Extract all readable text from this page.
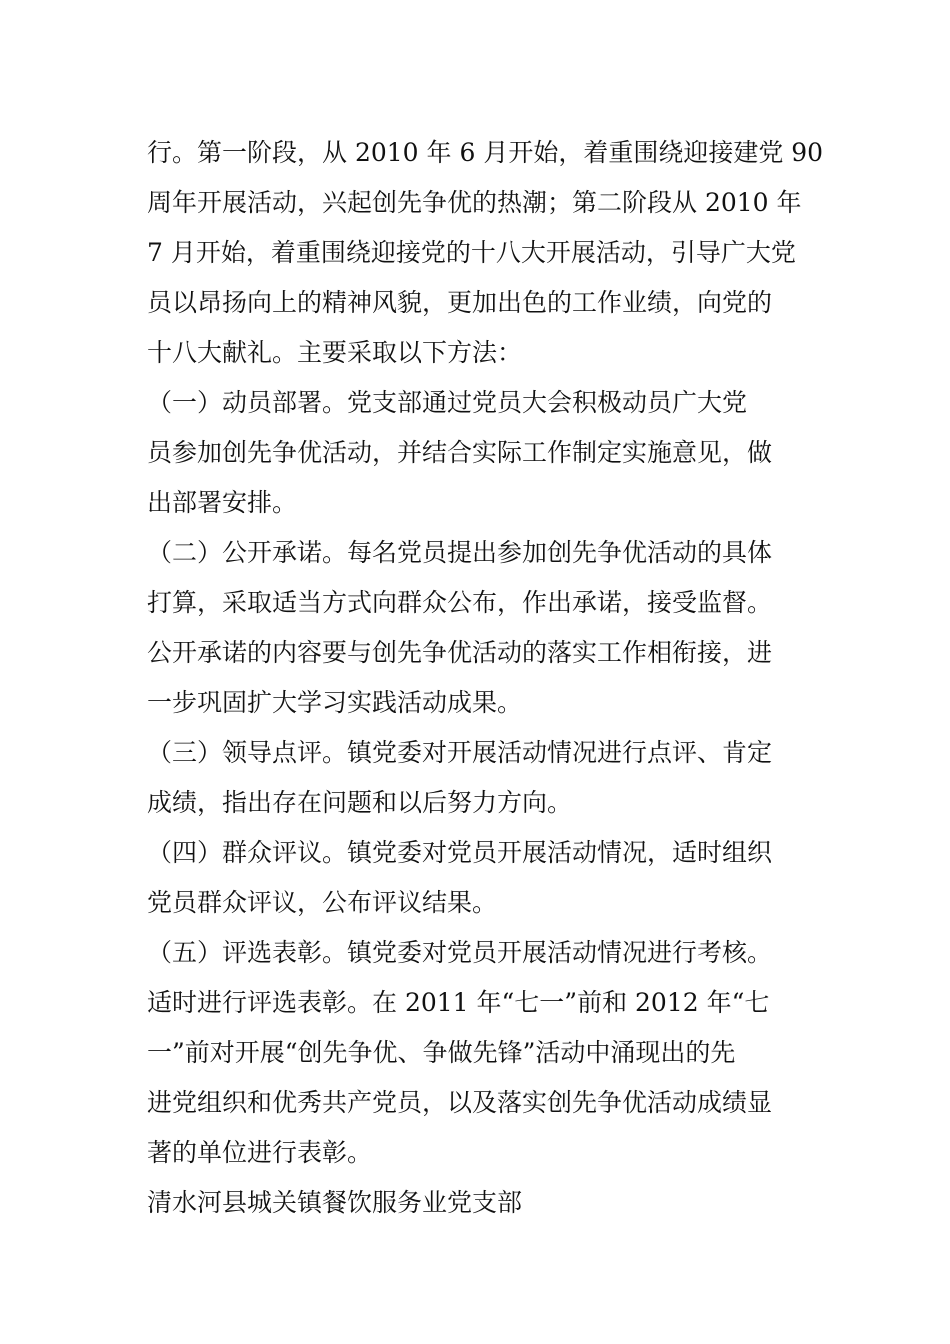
行。第一阶段，从 2010 年 6 月开始，着重围绕迎接建党 90
周年开展活动，兴起创先争优的热潮；第二阶段从 2010 年
7 月开始，着重围绕迎接党的十八大开展活动，引导广大党
员以昂扬向上的精神风貌，更加出色的工作业绩，向党的
十八大献礼。主要采取以下方法：
（一）动员部署。党支部通过党员大会积极动员广大党
员参加创先争优活动，并结合实际工作制定实施意见，做
出部署安排。
（二）公开承诺。每名党员提出参加创先争优活动的具体
打算，采取适当方式向群众公布，作出承诺，接受监督。
公开承诺的内容要与创先争优活动的落实工作相衔接，进
一步巩固扩大学习实践活动成果。
（三）领导点评。镇党委对开展活动情况进行点评、肯定
成绩，指出存在问题和以后努力方向。
（四）群众评议。镇党委对党员开展活动情况，适时组织
党员群众评议，公布评议结果。
（五）评选表彰。镇党委对党员开展活动情况进行考核。
适时进行评选表彰。在 2011 年“七一”前和 2012 年“七
一”前对开展“创先争优、争做先锋”活动中涌现出的先
进党组织和优秀共产党员，以及落实创先争优活动成绩显
著的单位进行表彰。
清水河县城关镇餐饮服务业党支部
